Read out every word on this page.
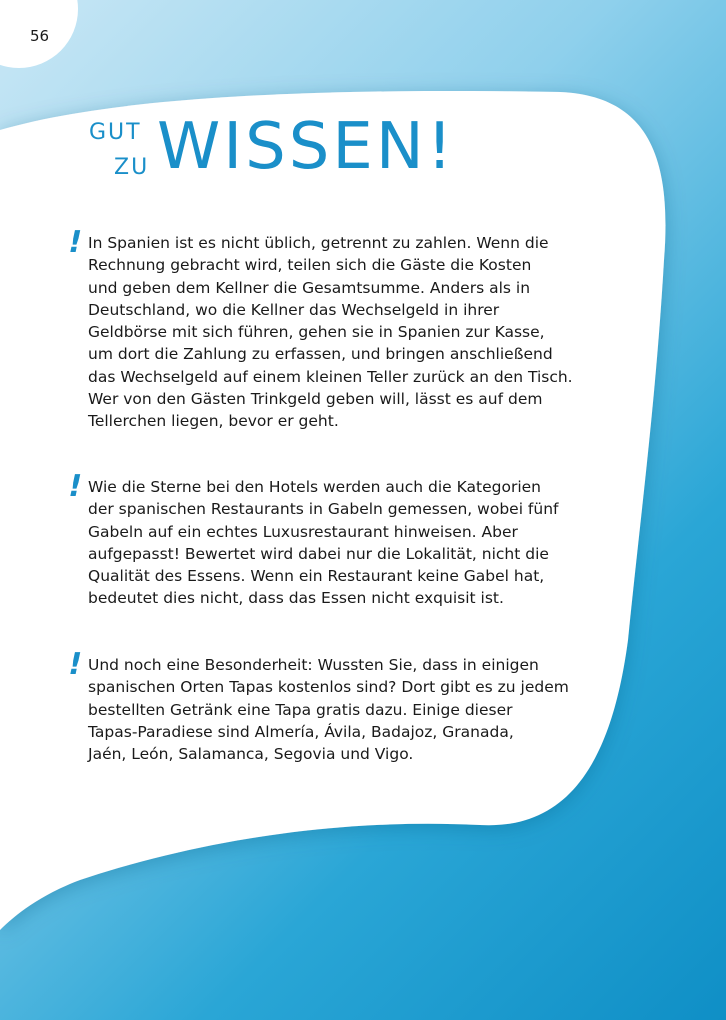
56
GUT
ZU WISSEN!
! In Spanien ist es nicht üblich, getrennt zu zahlen. Wenn die
Rechnung gebracht wird, teilen sich die Gäste die Kosten
und geben dem Kellner die Gesamtsumme. Anders als in
Deutschland, wo die Kellner das Wechselgeld in ihrer
Geldbörse mit sich führen, gehen sie in Spanien zur Kasse,
um dort die Zahlung zu erfassen, und bringen anschließend
das Wechselgeld auf einem kleinen Teller zurück an den Tisch.
Wer von den Gästen Trinkgeld geben will, lässt es auf dem
Tellerchen liegen, bevor er geht.
! Wie die Sterne bei den Hotels werden auch die Kategorien
der spanischen Restaurants in Gabeln gemessen, wobei fünf
Gabeln auf ein echtes Luxusrestaurant hinweisen. Aber
aufgepasst! Bewertet wird dabei nur die Lokalität, nicht die
Qualität des Essens. Wenn ein Restaurant keine Gabel hat,
bedeutet dies nicht, dass das Essen nicht exquisit ist.
! Und noch eine Besonderheit: Wussten Sie, dass in einigen
spanischen Orten Tapas kostenlos sind? Dort gibt es zu jedem
bestellten Getränk eine Tapa gratis dazu. Einige dieser
Tapas-Paradiese sind Almería, Ávila, Badajoz, Granada,
Jaén, León, Salamanca, Segovia und Vigo.
